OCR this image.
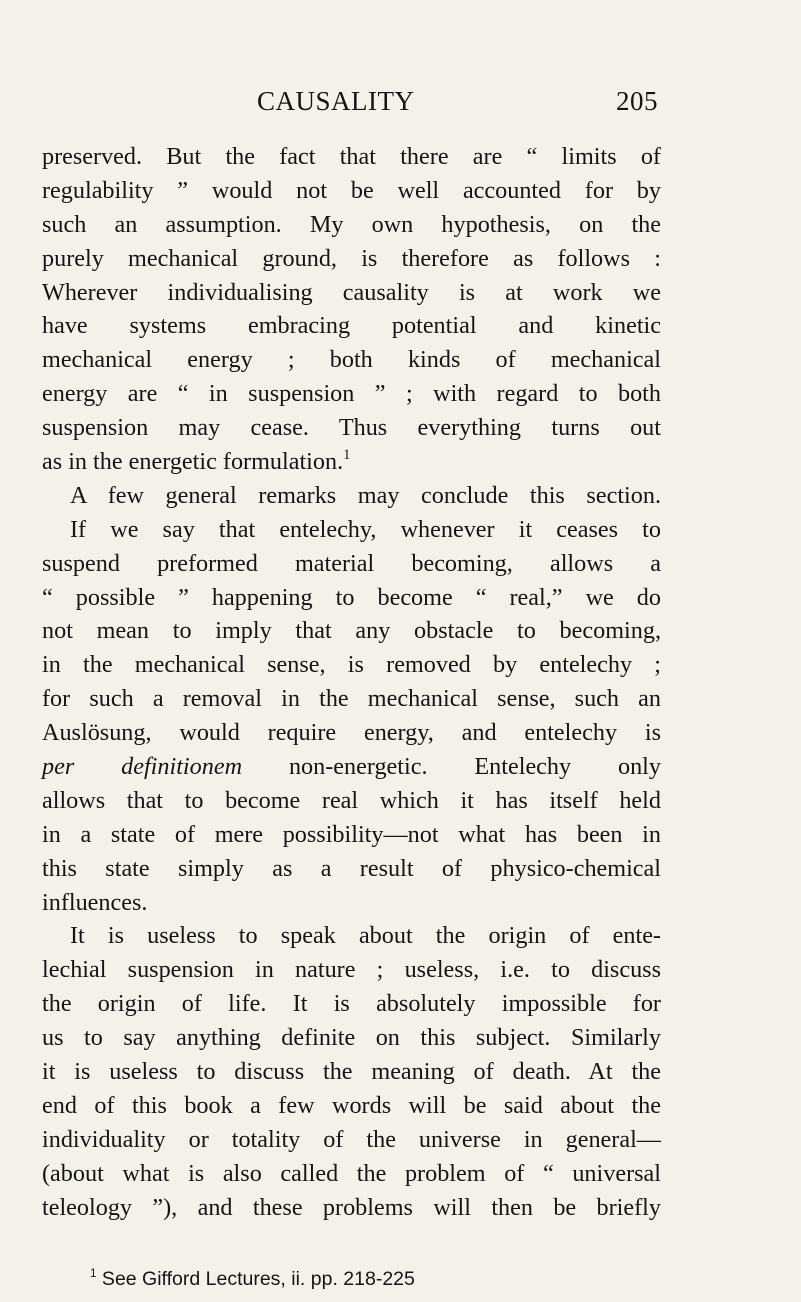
CAUSALITY	205
preserved. But the fact that there are “ limits of
regulability ” would not be well accounted for by
such an assumption. My own hypothesis, on the
purely mechanical ground, is therefore as follows :
Wherever individualising causality is at work we
have systems embracing potential and kinetic
mechanical energy ; both kinds of mechanical
energy are “ in suspension ” ; with regard to both
suspension may cease. Thus everything turns out
as in the energetic formulation.$^1$
A few general remarks may conclude this section.
If we say that entelechy, whenever it ceases to
suspend preformed material becoming, allows a
“ possible ” happening to become “ real,” we do
not mean to imply that any obstacle to becoming,
in the mechanical sense, is removed by entelechy ;
for such a removal in the mechanical sense, such an
Auslösung, would require energy, and entelechy is
per definitionem non-energetic. Entelechy only
allows that to become real which it has itself held
in a state of mere possibility—not what has been in
this state simply as a result of physico-chemical
influences.
It is useless to speak about the origin of ente-
lechial suspension in nature ; useless, i.e. to discuss
the origin of life. It is absolutely impossible for
us to say anything definite on this subject. Similarly
it is useless to discuss the meaning of death. At the
end of this book a few words will be said about the
individuality or totality of the universe in general—
(about what is also called the problem of “ universal
teleology ”), and these problems will then be briefly
$^1$ See Gifford Lectures, ii. pp. 218-225
